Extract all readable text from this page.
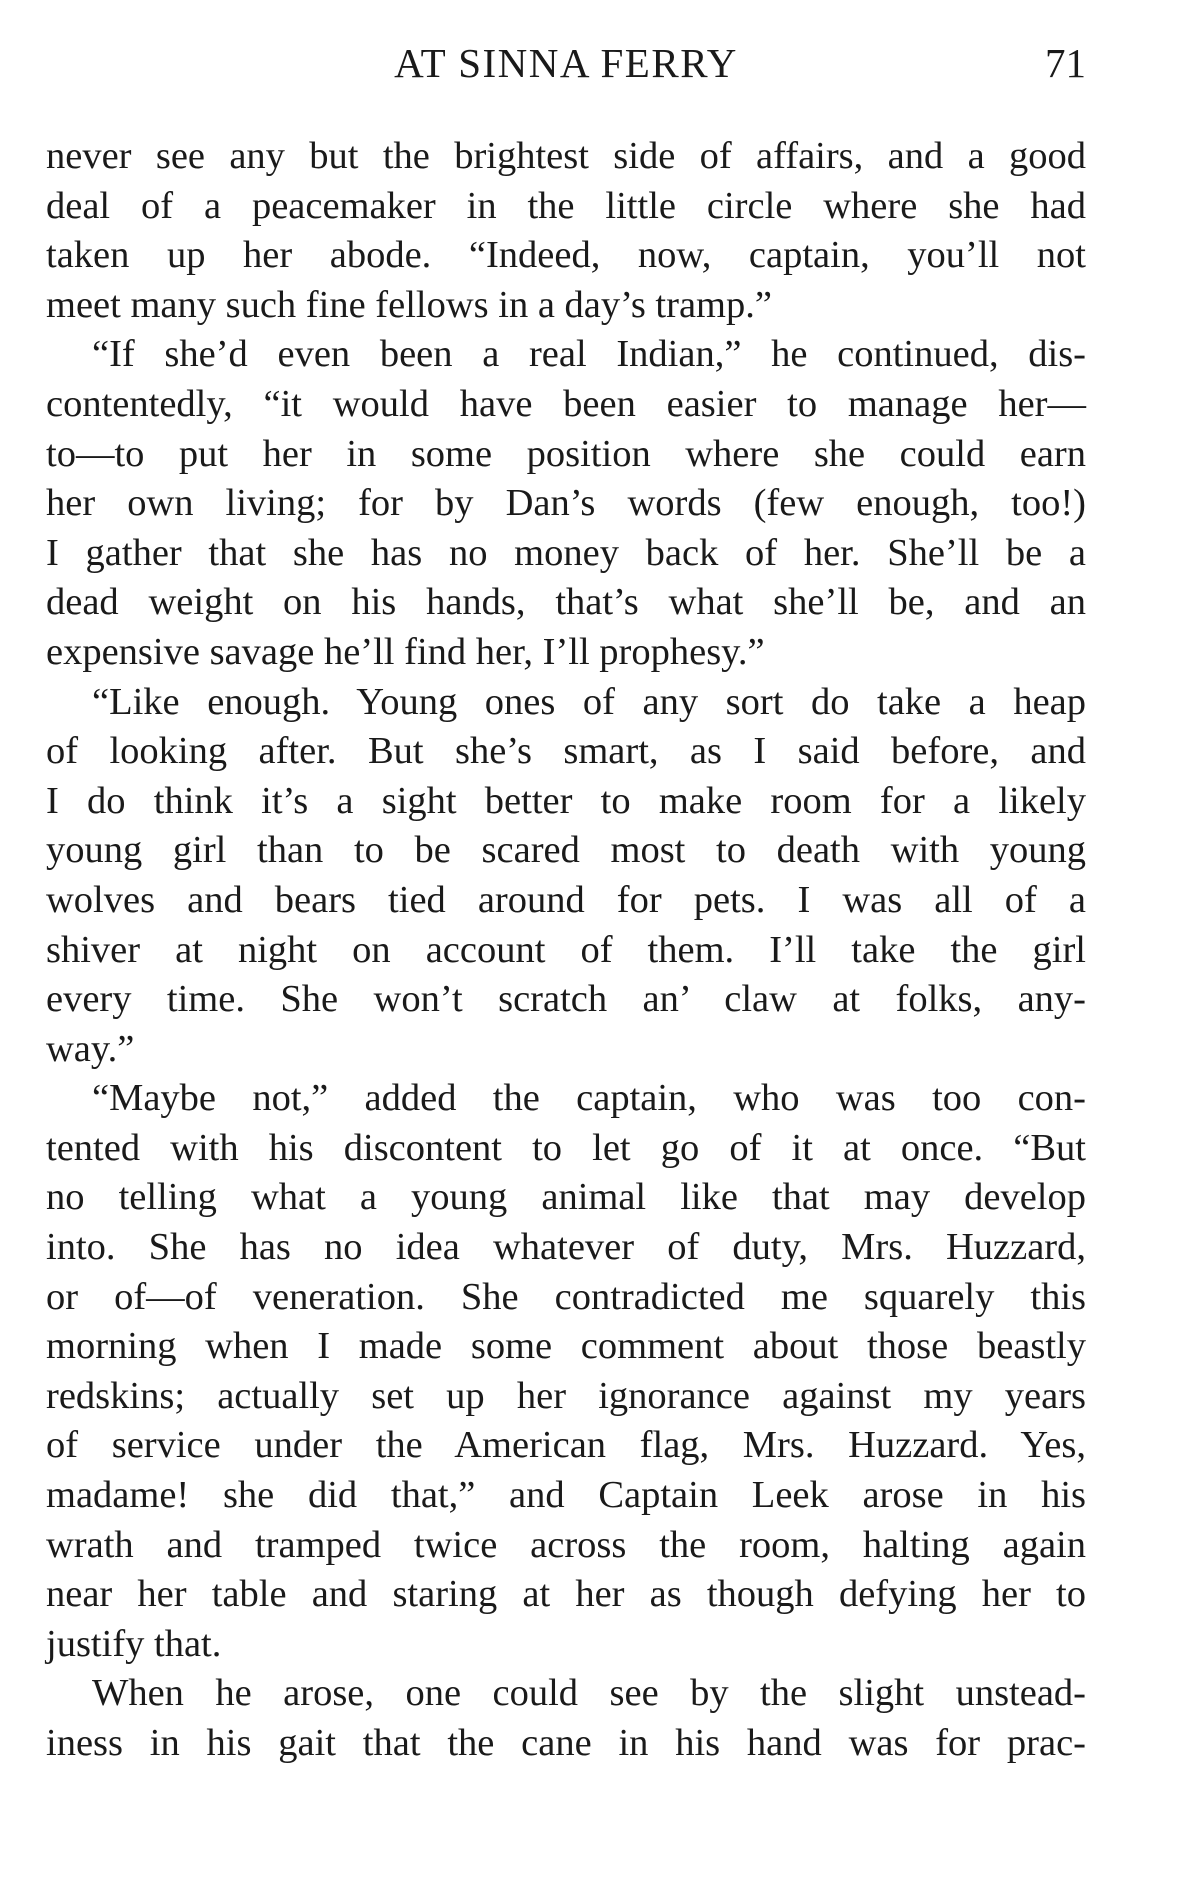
AT SINNA FERRY	71
never see any but the brightest side of affairs, and a good
deal of a peacemaker in the little circle where she had
taken up her abode. “Indeed, now, captain, you’ll not
meet many such fine fellows in a day’s tramp.”
“If she’d even been a real Indian,” he continued, dis-
contentedly, “it would have been easier to manage her—
to—to put her in some position where she could earn
her own living; for by Dan’s words (few enough, too!)
I gather that she has no money back of her. She’ll be a
dead weight on his hands, that’s what she’ll be, and an
expensive savage he’ll find her, I’ll prophesy.”
“Like enough. Young ones of any sort do take a heap
of looking after. But she’s smart, as I said before, and
I do think it’s a sight better to make room for a likely
young girl than to be scared most to death with young
wolves and bears tied around for pets. I was all of a
shiver at night on account of them. I’ll take the girl
every time. She won’t scratch an’ claw at folks, any-
way.”
“Maybe not,” added the captain, who was too con-
tented with his discontent to let go of it at once. “But
no telling what a young animal like that may develop
into. She has no idea whatever of duty, Mrs. Huzzard,
or of—of veneration. She contradicted me squarely this
morning when I made some comment about those beastly
redskins; actually set up her ignorance against my years
of service under the American flag, Mrs. Huzzard. Yes,
madame! she did that,” and Captain Leek arose in his
wrath and tramped twice across the room, halting again
near her table and staring at her as though defying her to
justify that.
When he arose, one could see by the slight unstead-
iness in his gait that the cane in his hand was for prac-
